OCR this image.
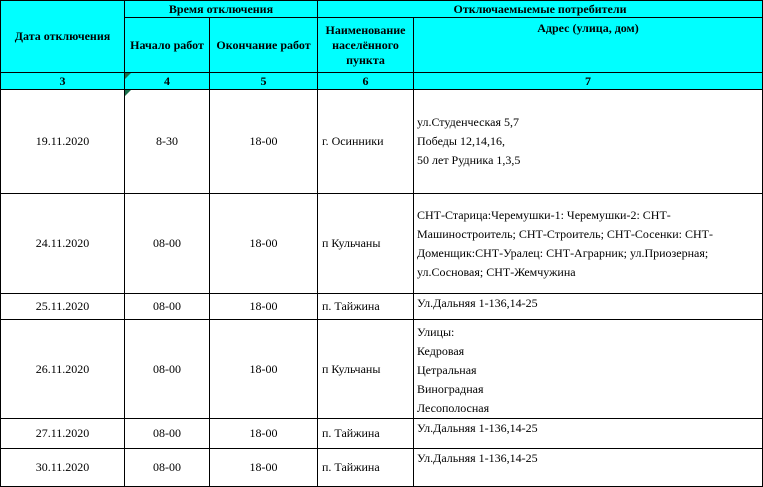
Дата отключения	Время отключения		Отключаемыемые потребители	
	Начало работ	Окончание работ	Наименование населённого пункта	Адрес (улица, дом)
3	4	5	6	7
19.11.2020	8-30	18-00	г. Осинники	ул.Студенческая 5,7
Победы 12,14,16,
50 лет Рудника 1,3,5

24.11.2020	08-00	18-00	п Кульчаны	СНТ-Старица:Черемушки-1: Черемушки-2: СНТ-
Машиностроитель; СНТ-Строитель; СНТ-Сосенки: СНТ-
Доменщик:СНТ-Уралец: СНТ-Аграрник; ул.Приозерная;
ул.Сосновая; СНТ-Жемчужина

25.11.2020	08-00	18-00	п. Тайжина	Ул.Дальняя 1-136,14-25

26.11.2020	08-00	18-00	п Кульчаны	Улицы:
Кедровая
Цетральная
Виноградная
Лесополосная

27.11.2020	08-00	18-00	п. Тайжина	Ул.Дальняя 1-136,14-25

30.11.2020	08-00	18-00	п. Тайжина	Ул.Дальняя 1-136,14-25
